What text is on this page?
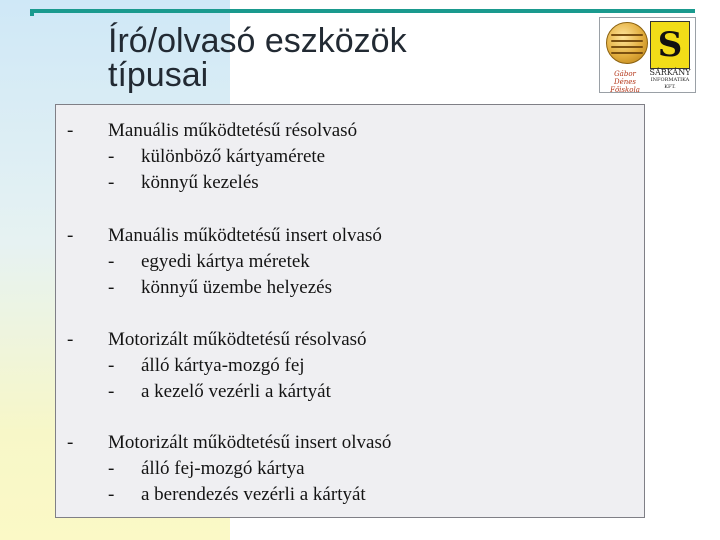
Író/olvasó eszközök
típusai
S
Gábor Dénes Főiskola
SÁRKÁNY
INFORMATIKA KFT.
- Manuális működtetésű résolvasó
- különböző kártyamérete
- könnyű kezelés
- Manuális működtetésű insert olvasó
- egyedi kártya méretek
- könnyű üzembe helyezés
- Motorizált működtetésű résolvasó
- álló kártya-mozgó fej
- a kezelő vezérli a kártyát
- Motorizált működtetésű insert olvasó
- álló fej-mozgó kártya
- a berendezés vezérli a kártyát
